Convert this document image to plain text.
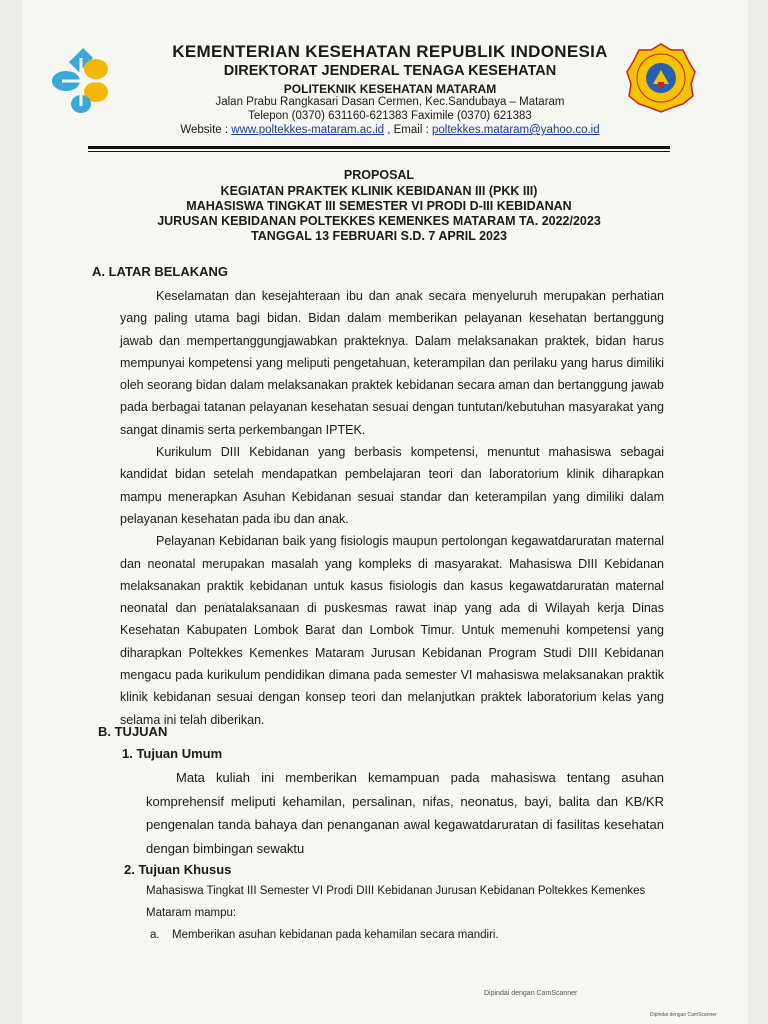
KEMENTERIAN KESEHATAN REPUBLIK INDONESIA
DIREKTORAT JENDERAL TENAGA KESEHATAN
POLITEKNIK KESEHATAN MATARAM
Jalan Prabu Rangkasari Dasan Cermen, Kec.Sandubaya – Mataram
Telepon (0370) 631160-621383 Faximile (0370) 621383
Website : www.poltekkes-mataram.ac.id , Email : poltekkes.mataram@yahoo.co.id
PROPOSAL
KEGIATAN PRAKTEK KLINIK KEBIDANAN III (PKK III)
MAHASISWA TINGKAT III SEMESTER VI PRODI D-III KEBIDANAN
JURUSAN KEBIDANAN POLTEKKES KEMENKES MATARAM TA. 2022/2023
TANGGAL 13 FEBRUARI S.D. 7 APRIL 2023
A. LATAR BELAKANG

Keselamatan dan kesejahteraan ibu dan anak secara menyeluruh merupakan perhatian yang paling utama bagi bidan. Bidan dalam memberikan pelayanan kesehatan bertanggung jawab dan mempertanggungjawabkan prakteknya. Dalam melaksanakan praktek, bidan harus mempunyai kompetensi yang meliputi pengetahuan, keterampilan dan perilaku yang harus dimiliki oleh seorang bidan dalam melaksanakan praktek kebidanan secara aman dan bertanggung jawab pada berbagai tatanan pelayanan kesehatan sesuai dengan tuntutan/kebutuhan masyarakat yang sangat dinamis serta perkembangan IPTEK.

Kurikulum DIII Kebidanan yang berbasis kompetensi, menuntut mahasiswa sebagai kandidat bidan setelah mendapatkan pembelajaran teori dan laboratorium klinik diharapkan mampu menerapkan Asuhan Kebidanan sesuai standar dan keterampilan yang dimiliki dalam pelayanan kesehatan pada ibu dan anak.

Pelayanan Kebidanan baik yang fisiologis maupun pertolongan kegawatdaruratan maternal dan neonatal merupakan masalah yang kompleks di masyarakat. Mahasiswa DIII Kebidanan melaksanakan praktik kebidanan untuk kasus fisiologis dan kasus kegawatdaruratan maternal neonatal dan penatalaksanaan di puskesmas rawat inap yang ada di Wilayah kerja Dinas Kesehatan Kabupaten Lombok Barat dan Lombok Timur. Untuk memenuhi kompetensi yang diharapkan Poltekkes Kemenkes Mataram Jurusan Kebidanan Program Studi DIII Kebidanan mengacu pada kurikulum pendidikan dimana pada semester VI mahasiswa melaksanakan praktik klinik kebidanan sesuai dengan konsep teori dan melanjutkan praktek laboratorium kelas yang selama ini telah diberikan.

B. TUJUAN
1. Tujuan Umum
Mata kuliah ini memberikan kemampuan pada mahasiswa tentang asuhan komprehensif meliputi kehamilan, persalinan, nifas, neonatus, bayi, balita dan KB/KR pengenalan tanda bahaya dan penanganan awal kegawatdaruratan di fasilitas kesehatan dengan bimbingan sewaktu
2. Tujuan Khusus
Mahasiswa Tingkat III Semester VI Prodi DIII Kebidanan Jurusan Kebidanan Poltekkes Kemenkes Mataram mampu:
a. Memberikan asuhan kebidanan pada kehamilan secara mandiri.
Dipindai dengan CamScanner
Dipindai dengan CamScanner
